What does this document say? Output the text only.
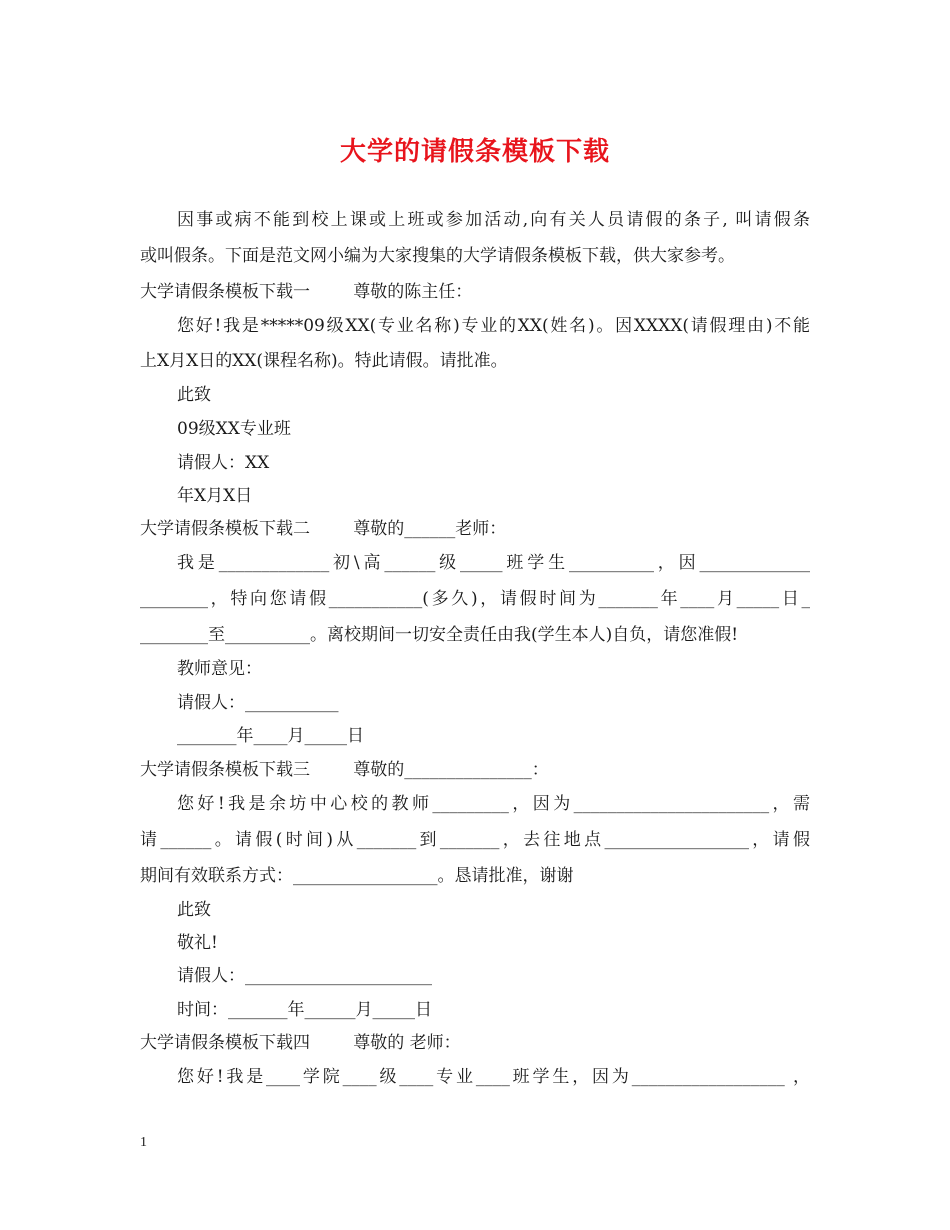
大学的请假条模板下载
因事或病不能到校上课或上班或参加活动,向有关人员请假的条子, 叫请假条
或叫假条。下面是范文网小编为大家搜集的大学请假条模板下载，供大家参考。
大学请假条模板下载一        尊敬的陈主任：
您好!我是*****09级XX(专业名称)专业的XX(姓名)。因XXXX(请假理由)不能
上X月X日的XX(课程名称)。特此请假。请批准。
此致
09级XX专业班
请假人：XX
年X月X日
大学请假条模板下载二        尊敬的______老师：
我是_____________初\高______级_____班学生__________，因_____________
________，特向您请假___________(多久)，请假时间为_______年____月_____日_
________至__________。离校期间一切安全责任由我(学生本人)自负，请您准假!
教师意见：
请假人：___________
_______年____月_____日
大学请假条模板下载三        尊敬的_______________：
您好!我是余坊中心校的教师_________，因为_______________________，需
请______。请假(时间)从_______到_______，去往地点_________________，请假
期间有效联系方式：_________________。恳请批准，谢谢
此致
敬礼!
请假人：______________________
时间：_______年______月_____日
大学请假条模板下载四        尊敬的 老师：
您好!我是____学院____级____专业____班学生，因为__________________ ，
1
